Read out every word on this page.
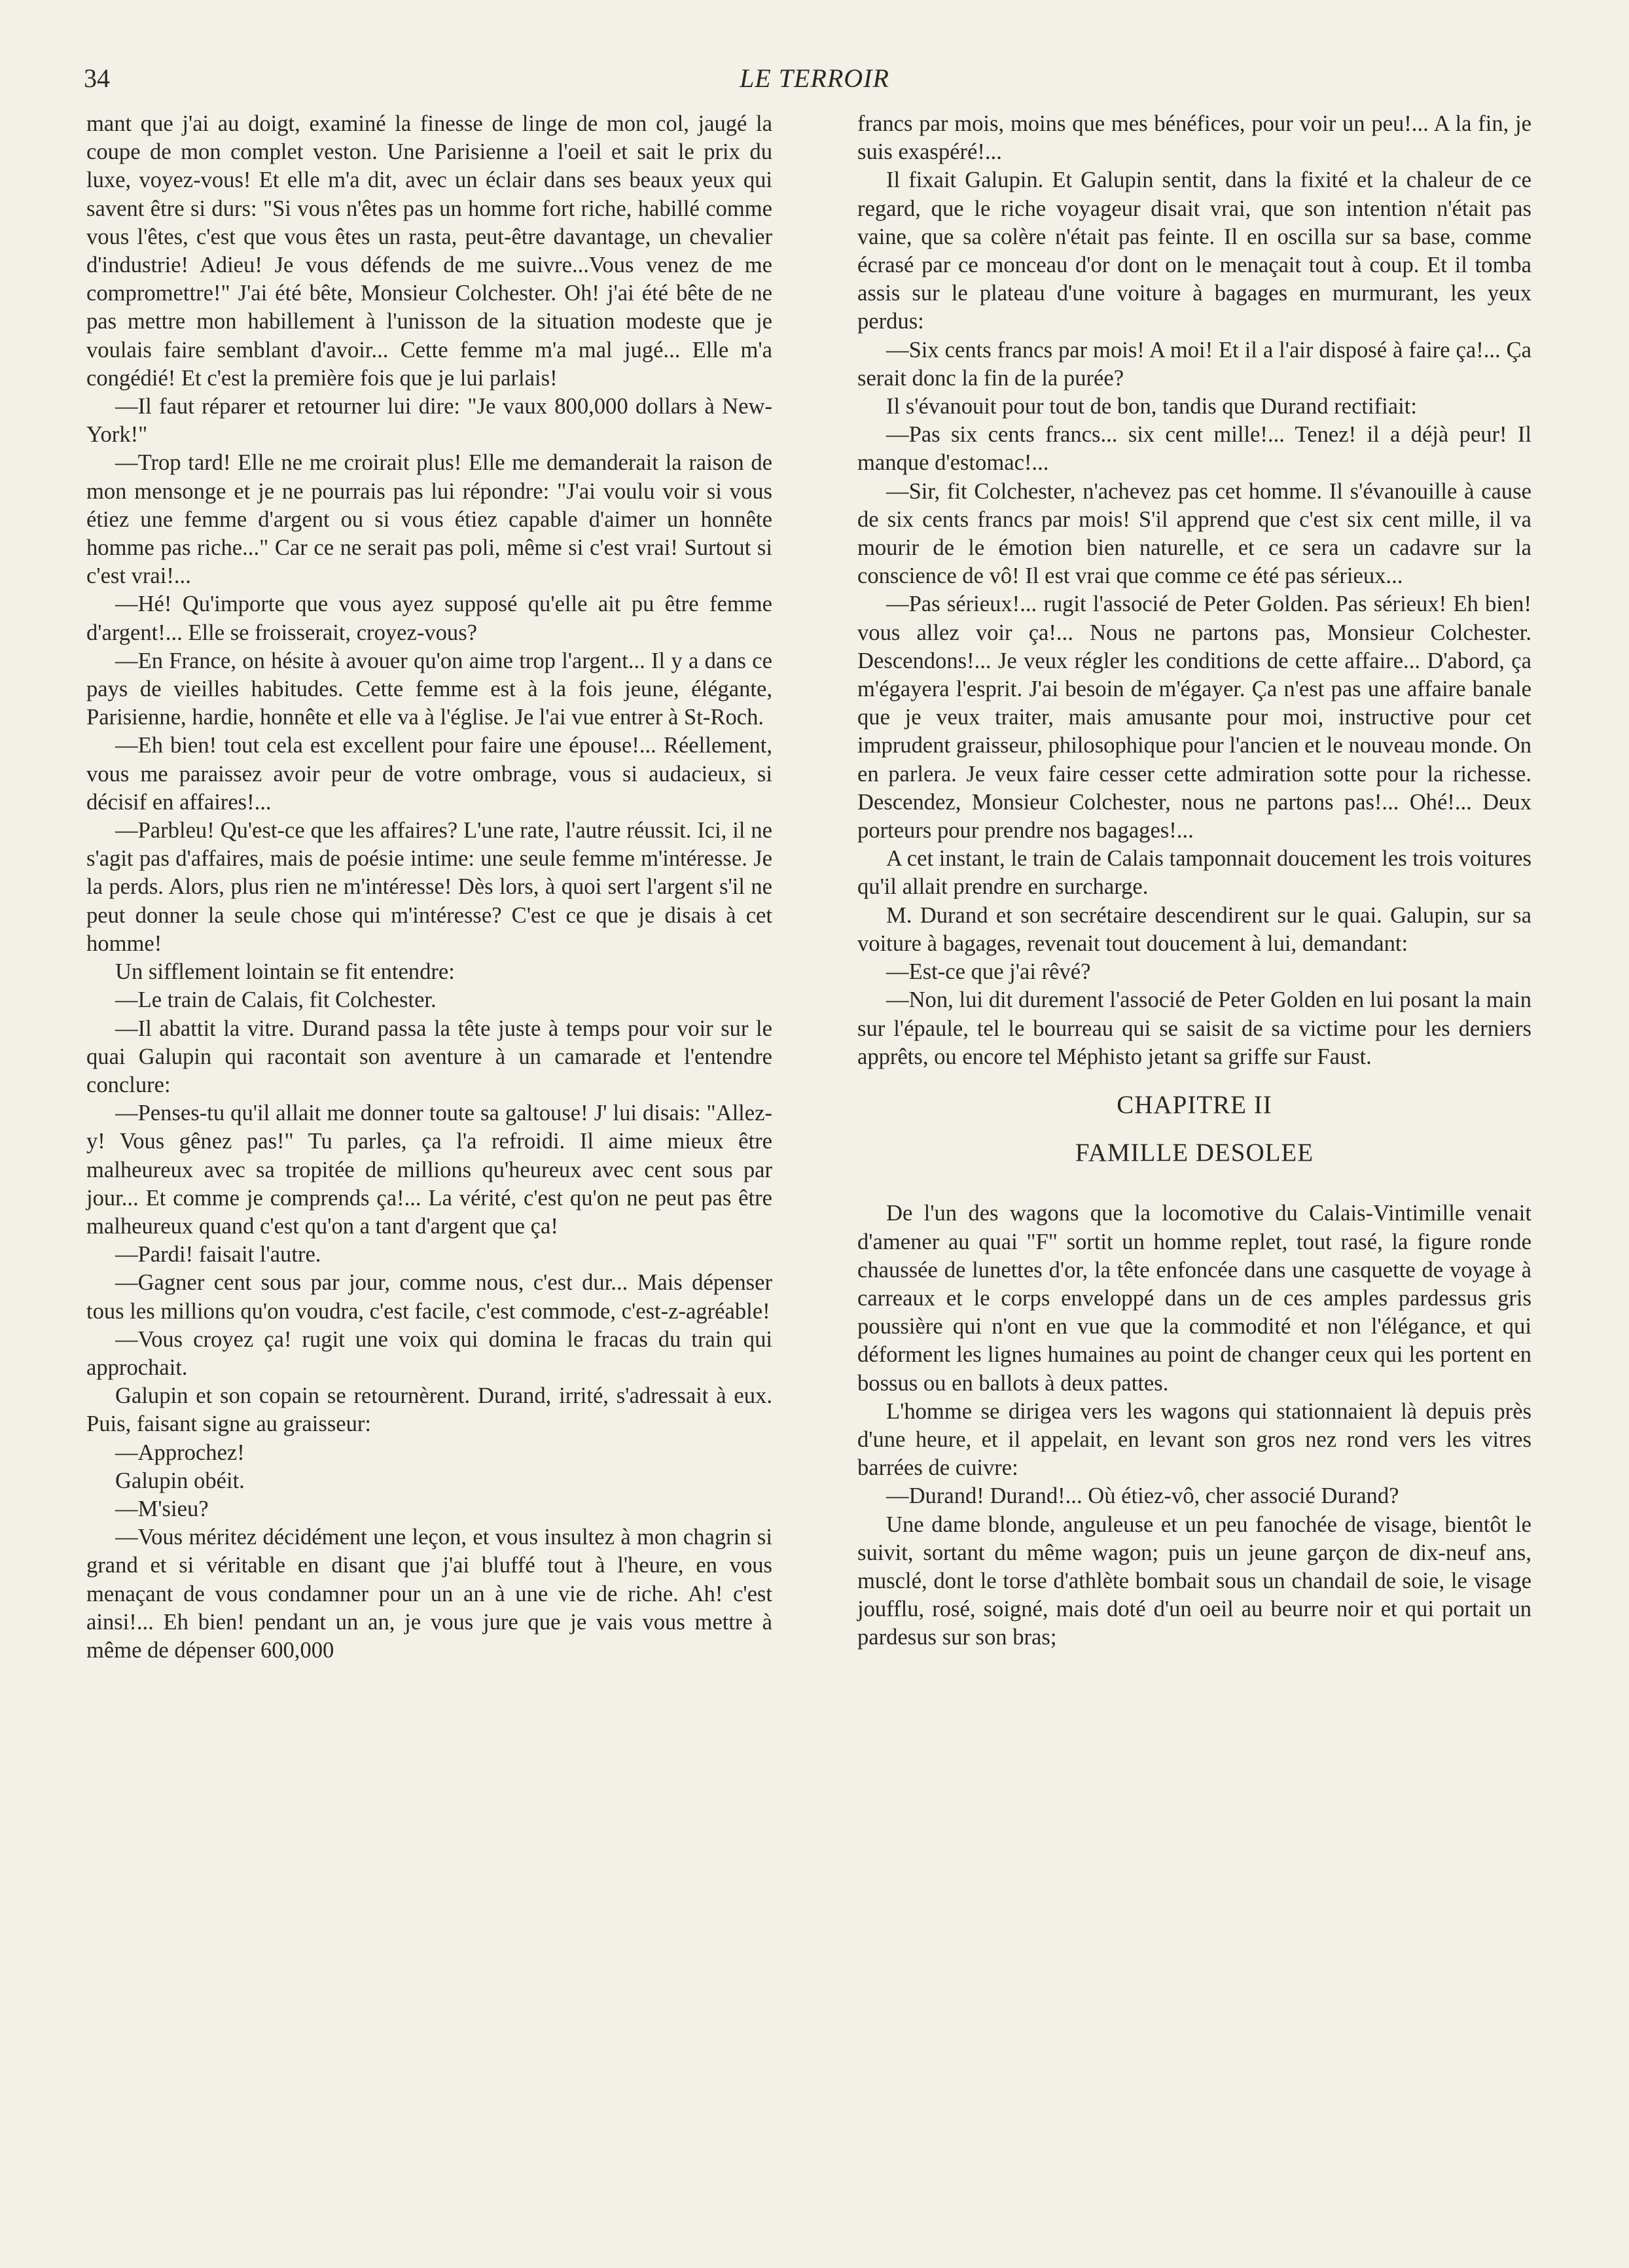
34	LE TERROIR

mant que j'ai au doigt, examiné la finesse de linge de mon col, jaugé la coupe de mon complet veston. Une Parisienne a l'oeil et sait le prix du luxe, voyez-vous! Et elle m'a dit, avec un éclair dans ses beaux yeux qui savent être si durs: "Si vous n'êtes pas un homme fort riche, habillé comme vous l'êtes, c'est que vous êtes un rasta, peut-être davantage, un chevalier d'industrie! Adieu! Je vous défends de me suivre...Vous venez de me compromettre!" J'ai été bête, Monsieur Colchester. Oh! j'ai été bête de ne pas mettre mon habillement à l'unisson de la situation modeste que je voulais faire semblant d'avoir... Cette femme m'a mal jugé... Elle m'a congédié! Et c'est la première fois que je lui parlais!

—Il faut réparer et retourner lui dire: "Je vaux 800,000 dollars à New-York!"

—Trop tard! Elle ne me croirait plus! Elle me demanderait la raison de mon mensonge et je ne pourrais pas lui répondre: "J'ai voulu voir si vous étiez une femme d'argent ou si vous étiez capable d'aimer un honnête homme pas riche..." Car ce ne serait pas poli, même si c'est vrai! Surtout si c'est vrai!...

—Hé! Qu'importe que vous ayez supposé qu'elle ait pu être femme d'argent!... Elle se froisserait, croyez-vous?

—En France, on hésite à avouer qu'on aime trop l'argent... Il y a dans ce pays de vieilles habitudes. Cette femme est à la fois jeune, élégante, Parisienne, hardie, honnête et elle va à l'église. Je l'ai vue entrer à St-Roch.

—Eh bien! tout cela est excellent pour faire une épouse!... Réellement, vous me paraissez avoir peur de votre ombrage, vous si audacieux, si décisif en affaires!...

—Parbleu! Qu'est-ce que les affaires? L'une rate, l'autre réussit. Ici, il ne s'agit pas d'affaires, mais de poésie intime: une seule femme m'intéresse. Je la perds. Alors, plus rien ne m'intéresse! Dès lors, à quoi sert l'argent s'il ne peut donner la seule chose qui m'intéresse? C'est ce que je disais à cet homme!

Un sifflement lointain se fit entendre:

—Le train de Calais, fit Colchester.

—Il abattit la vitre. Durand passa la tête juste à temps pour voir sur le quai Galupin qui racontait son aventure à un camarade et l'entendre conclure:

—Penses-tu qu'il allait me donner toute sa galtouse! J' lui disais: "Allez-y! Vous gênez pas!" Tu parles, ça l'a refroidi. Il aime mieux être malheureux avec sa tropitée de millions qu'heureux avec cent sous par jour... Et comme je comprends ça!... La vérité, c'est qu'on ne peut pas être malheureux quand c'est qu'on a tant d'argent que ça!

—Pardi! faisait l'autre.

—Gagner cent sous par jour, comme nous, c'est dur... Mais dépenser tous les millions qu'on voudra, c'est facile, c'est commode, c'est-z-agréable!

—Vous croyez ça! rugit une voix qui domina le fracas du train qui approchait.

Galupin et son copain se retournèrent. Durand, irrité, s'adressait à eux. Puis, faisant signe au graisseur:

—Approchez!

Galupin obéit.

—M'sieu?

—Vous méritez décidément une leçon, et vous insultez à mon chagrin si grand et si véritable en disant que j'ai bluffé tout à l'heure, en vous menaçant de vous condamner pour un an à une vie de riche. Ah! c'est ainsi!... Eh bien! pendant un an, je vous jure que je vais vous mettre à même de dépenser 600,000

francs par mois, moins que mes bénéfices, pour voir un peu!... A la fin, je suis exaspéré!...

Il fixait Galupin. Et Galupin sentit, dans la fixité et la chaleur de ce regard, que le riche voyageur disait vrai, que son intention n'était pas vaine, que sa colère n'était pas feinte. Il en oscilla sur sa base, comme écrasé par ce monceau d'or dont on le menaçait tout à coup. Et il tomba assis sur le plateau d'une voiture à bagages en murmurant, les yeux perdus:

—Six cents francs par mois! A moi! Et il a l'air disposé à faire ça!... Ça serait donc la fin de la purée?

Il s'évanouit pour tout de bon, tandis que Durand rectifiait:

—Pas six cents francs... six cent mille!... Tenez! il a déjà peur! Il manque d'estomac!...

—Sir, fit Colchester, n'achevez pas cet homme. Il s'évanouille à cause de six cents francs par mois! S'il apprend que c'est six cent mille, il va mourir de le émotion bien naturelle, et ce sera un cadavre sur la conscience de vô! Il est vrai que comme ce été pas sérieux...

—Pas sérieux!... rugit l'associé de Peter Golden. Pas sérieux! Eh bien! vous allez voir ça!... Nous ne partons pas, Monsieur Colchester. Descendons!... Je veux régler les conditions de cette affaire... D'abord, ça m'égayera l'esprit. J'ai besoin de m'égayer. Ça n'est pas une affaire banale que je veux traiter, mais amusante pour moi, instructive pour cet imprudent graisseur, philosophique pour l'ancien et le nouveau monde. On en parlera. Je veux faire cesser cette admiration sotte pour la richesse. Descendez, Monsieur Colchester, nous ne partons pas!... Ohé!... Deux porteurs pour prendre nos bagages!...

A cet instant, le train de Calais tamponnait doucement les trois voitures qu'il allait prendre en surcharge.

M. Durand et son secrétaire descendirent sur le quai. Galupin, sur sa voiture à bagages, revenait tout doucement à lui, demandant:

—Est-ce que j'ai rêvé?

—Non, lui dit durement l'associé de Peter Golden en lui posant la main sur l'épaule, tel le bourreau qui se saisit de sa victime pour les derniers apprêts, ou encore tel Méphisto jetant sa griffe sur Faust.

CHAPITRE II
FAMILLE DESOLEE

De l'un des wagons que la locomotive du Calais-Vintimille venait d'amener au quai "F" sortit un homme replet, tout rasé, la figure ronde chaussée de lunettes d'or, la tête enfoncée dans une casquette de voyage à carreaux et le corps enveloppé dans un de ces amples pardessus gris poussière qui n'ont en vue que la commodité et non l'élégance, et qui déforment les lignes humaines au point de changer ceux qui les portent en bossus ou en ballots à deux pattes.

L'homme se dirigea vers les wagons qui stationnaient là depuis près d'une heure, et il appelait, en levant son gros nez rond vers les vitres barrées de cuivre:

—Durand! Durand!... Où étiez-vô, cher associé Durand?

Une dame blonde, anguleuse et un peu fanochée de visage, bientôt le suivit, sortant du même wagon; puis un jeune garçon de dix-neuf ans, musclé, dont le torse d'athlète bombait sous un chandail de soie, le visage joufflu, rosé, soigné, mais doté d'un oeil au beurre noir et qui portait un pardesus sur son bras;
